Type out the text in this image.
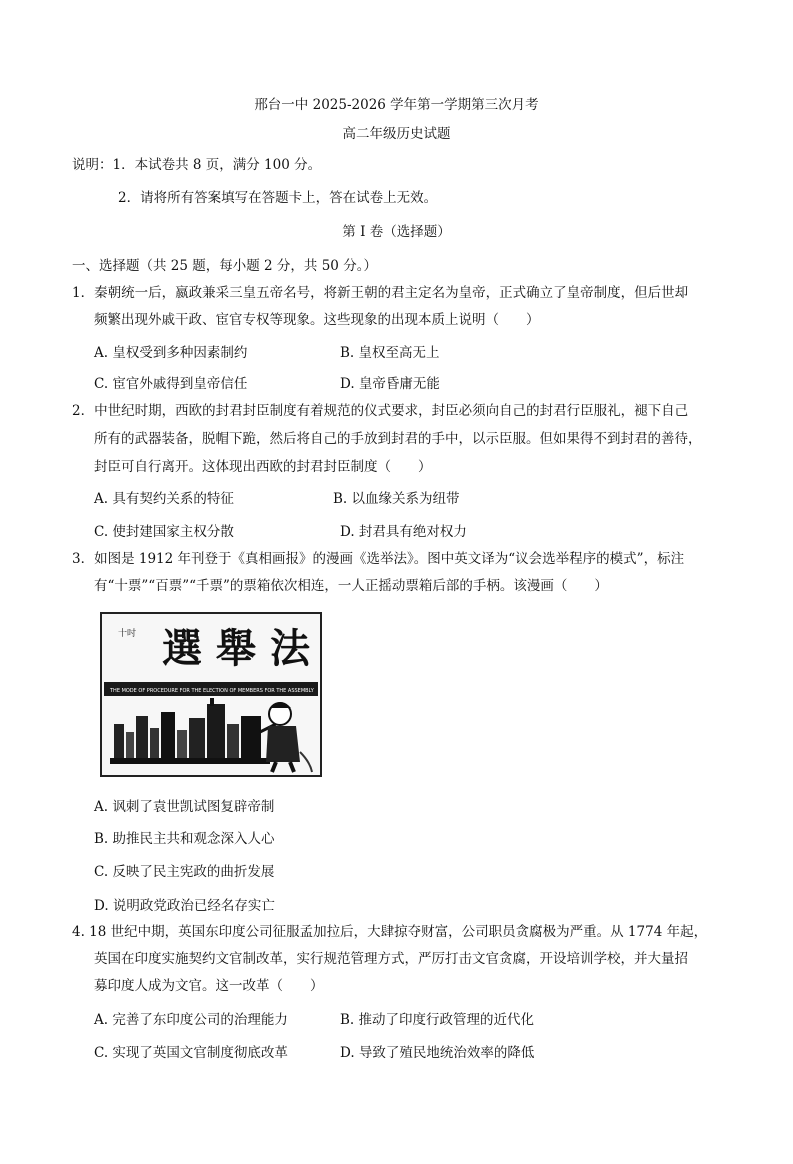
邢台一中 2025-2026 学年第一学期第三次月考
高二年级历史试题
说明：1．本试卷共 8 页，满分 100 分。
2．请将所有答案填写在答题卡上，答在试卷上无效。
第 I 卷（选择题）
一、选择题（共 25 题，每小题 2 分，共 50 分。）
1．秦朝统一后，嬴政兼采三皇五帝名号，将新王朝的君主定名为皇帝，正式确立了皇帝制度，但后世却
频繁出现外戚干政、宦官专权等现象。这些现象的出现本质上说明（　　）
A. 皇权受到多种因素制约	B. 皇权至高无上
C. 宦官外戚得到皇帝信任	D. 皇帝昏庸无能
2．中世纪时期，西欧的封君封臣制度有着规范的仪式要求，封臣必须向自己的封君行臣服礼，褪下自己
所有的武器装备，脱帽下跪，然后将自己的手放到封君的手中，以示臣服。但如果得不到封君的善待，
封臣可自行离开。这体现出西欧的封君封臣制度（　　）
A. 具有契约关系的特征	B. 以血缘关系为纽带
C. 使封建国家主权分散	D. 封君具有绝对权力
3．如图是 1912 年刊登于《真相画报》的漫画《选举法》。图中英文译为“议会选举程序的模式”，标注
有“十票”“百票”“千票”的票箱依次相连，一人正摇动票箱后部的手柄。该漫画（　　）
十吋 選舉法
THE MODE OF PROCEDURE FOR THE ELECTION OF MEMBERS FOR THE ASSEMBLY
A. 讽刺了袁世凯试图复辟帝制
B. 助推民主共和观念深入人心
C. 反映了民主宪政的曲折发展
D. 说明政党政治已经名存实亡
4. 18 世纪中期，英国东印度公司征服孟加拉后，大肆掠夺财富，公司职员贪腐极为严重。从 1774 年起，
英国在印度实施契约文官制改革，实行规范管理方式，严厉打击文官贪腐，开设培训学校，并大量招
募印度人成为文官。这一改革（　　）
A. 完善了东印度公司的治理能力	B. 推动了印度行政管理的近代化
C. 实现了英国文官制度彻底改革	D. 导致了殖民地统治效率的降低
